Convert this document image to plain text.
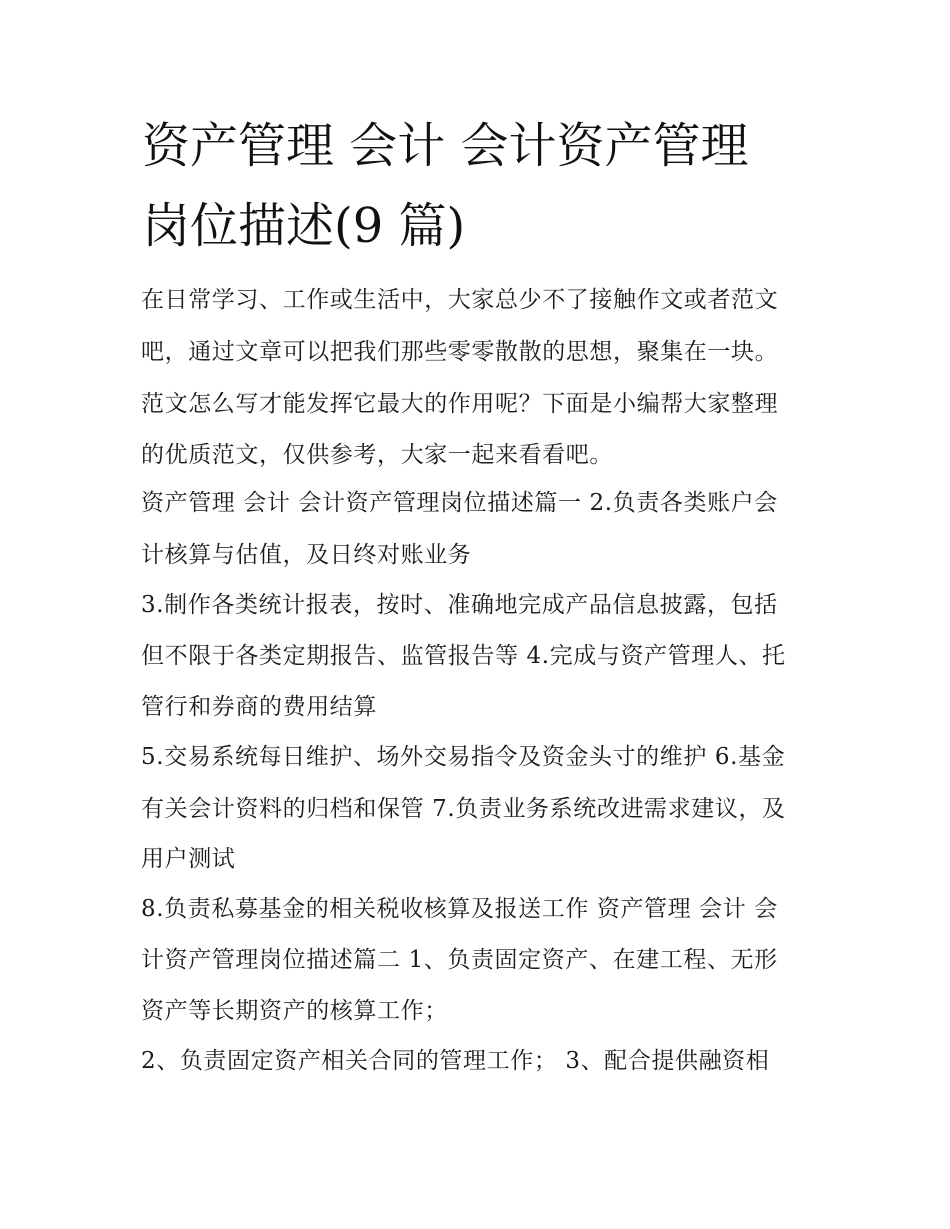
资产管理 会计 会计资产管理
岗位描述(9 篇)
在日常学习、工作或生活中，大家总少不了接触作文或者范文
吧，通过文章可以把我们那些零零散散的思想，聚集在一块。
范文怎么写才能发挥它最大的作用呢？下面是小编帮大家整理
的优质范文，仅供参考，大家一起来看看吧。
资产管理 会计 会计资产管理岗位描述篇一 2.负责各类账户会
计核算与估值，及日终对账业务
3.制作各类统计报表，按时、准确地完成产品信息披露，包括
但不限于各类定期报告、监管报告等 4.完成与资产管理人、托
管行和券商的费用结算
5.交易系统每日维护、场外交易指令及资金头寸的维护 6.基金
有关会计资料的归档和保管 7.负责业务系统改进需求建议，及
用户测试
8.负责私募基金的相关税收核算及报送工作 资产管理 会计 会
计资产管理岗位描述篇二 1、负责固定资产、在建工程、无形
资产等长期资产的核算工作；
2、负责固定资产相关合同的管理工作； 3、配合提供融资相
